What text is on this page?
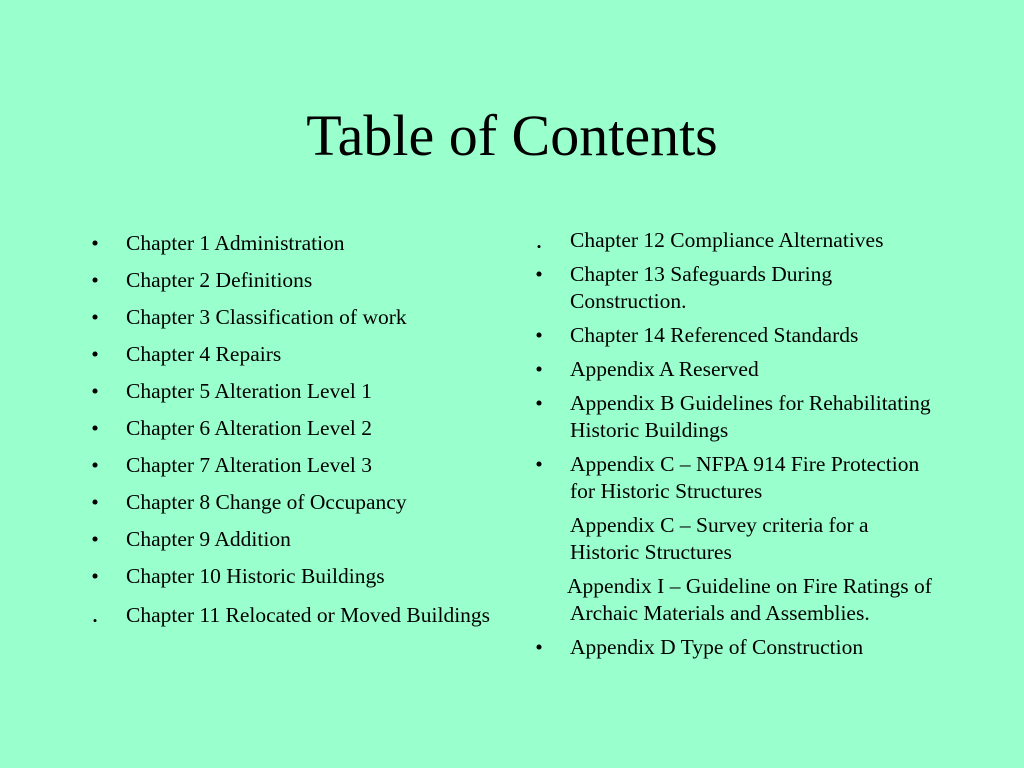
Table of Contents
• Chapter 1 Administration
• Chapter 2 Definitions
• Chapter 3 Classification of work
• Chapter 4 Repairs
• Chapter 5 Alteration Level 1
• Chapter 6 Alteration Level 2
• Chapter 7 Alteration Level 3
• Chapter 8 Change of Occupancy
• Chapter 9 Addition
• Chapter 10 Historic Buildings
• Chapter 11 Relocated or Moved Buildings
• Chapter 12 Compliance Alternatives
• Chapter 13 Safeguards During Construction.
• Chapter 14 Referenced Standards
• Appendix A Reserved
• Appendix B Guidelines for Rehabilitating Historic Buildings
• Appendix C – NFPA 914 Fire Protection for Historic Structures
Appendix C – Survey criteria for a Historic Structures
Appendix I – Guideline on Fire Ratings of Archaic Materials and Assemblies.
• Appendix D Type of Construction
